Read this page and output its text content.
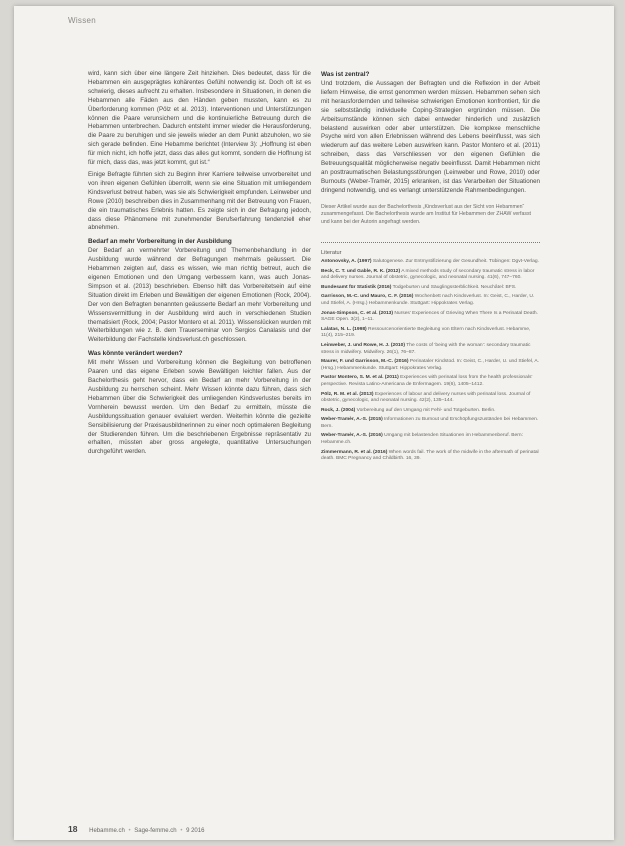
Wissen

wird, kann sich über eine längere Zeit hinziehen. Dies bedeutet, dass für die Hebammen ein ausgeprägtes kohärentes Gefühl notwendig ist. Doch oft ist es schwierig, dieses aufrecht zu erhalten. Insbesondere in Situationen, in denen die Hebammen alle Fäden aus den Händen geben mussten, kann es zu Überforderung kommen (Pölz et al. 2013). Interventionen und Unterstützungen können die Paare verunsichern und die kontinuierliche Betreuung durch die Hebammen unterbrechen. Dadurch entsteht immer wieder die Herausforderung, die Paare zu beruhigen und sie jeweils wieder an dem Punkt abzuholen, wo sie sich gerade befinden. Eine Hebamme berichtet (Interview 3): „Hoffnung ist eben für mich nicht, ich hoffe jetzt, dass das alles gut kommt, sondern die Hoffnung ist für mich, dass das, was jetzt kommt, gut ist.“

Einige Befragte führten sich zu Beginn ihrer Karriere teilweise unvorbereitet und von ihren eigenen Gefühlen überrollt, wenn sie eine Situation mit umliegendem Kindsverlust betreut haben, was sie als Schwierigkeit empfunden. Leinweber und Rowe (2010) beschreiben dies in Zusammenhang mit der Betreuung von Frauen, die ein traumatisches Erlebnis hatten. Es zeigte sich in der Befragung jedoch, dass diese Phänomene mit zunehmender Berufserfahrung tendenziell eher abnehmen.

Bedarf an mehr Vorbereitung in der Ausbildung

Der Bedarf an vermehrter Vorbereitung und Themenbehandlung in der Ausbildung wurde während der Befragungen mehrmals geäussert. Die Hebammen zeigten auf, dass es wissen, wie man richtig betreut, auch die eigenen Emotionen und den Umgang verbessern kann, was auch Jonas-Simpson et al. (2013) beschrieben. Ebenso hilft das Vorbereitetsein auf eine Situation direkt im Erleben und Bewältigen der eigenen Emotionen (Rock, 2004). Der von den Befragten benannten geäusserte Bedarf an mehr Vorbereitung und Wissensvermittlung in der Ausbildung wird auch in verschiedenen Studien thematisiert (Rock, 2004; Pastor Montero et al. 2011). Wissenslücken wurden mit Weiterbildungen wie z. B. dem Trauerseminar von Sergios Canalasis und der Weiterbildung der Fachstelle kindsverlust.ch geschlossen.

Was könnte verändert werden?

Mit mehr Wissen und Vorbereitung können die Begleitung von betroffenen Paaren und das eigene Erleben sowie Bewältigen leichter fallen. Aus der Bachelorthesis geht hervor, dass ein Bedarf an mehr Vorbereitung in der Ausbildung zu herrschen scheint. Mehr Wissen könnte dazu führen, dass sich Hebammen über die Schwierigkeit des umliegenden Kindsverlustes bereits im Vornherein bewusst werden. Um den Bedarf zu ermitteln, müsste die Ausbildungssituation genauer evaluiert werden. Weiterhin könnte die gezielte Sensibilisierung der Praxisausbildnerinnen zu einer noch optimaleren Begleitung der Studierenden führen. Um die beschriebenen Ergebnisse repräsentativ zu erhalten, müssten aber gross angelegte, quantitative Untersuchungen durchgeführt werden.

Was ist zentral?

Und trotzdem, die Aussagen der Befragten und die Reflexion in der Arbeit liefern Hinweise, die ernst genommen werden müssen. Hebammen sehen sich mit herausfordernden und teilweise schwierigen Emotionen konfrontiert, für die sie selbstständig individuelle Coping-Strategien ergründen müssen. Die Arbeitsumstände können sich dabei entweder hinderlich und zusätzlich belastend auswirken oder aber unterstützen. Die komplexe menschliche Psyche wird von allen Erlebnissen während des Lebens beeinflusst, was sich wiederum auf das weitere Leben auswirken kann. Pastor Montero et al. (2011) schreiben, dass das Verschliessen vor den eigenen Gefühlen die Betreuungsqualität möglicherweise negativ beeinflusst. Damit Hebammen nicht an posttraumatischen Belastungsstörungen (Leinweber und Rowe, 2010) oder Burnouts (Weber-Tramèr, 2015) erkranken, ist das Verarbeiten der Situationen dringend notwendig, und es verlangt unterstützende Rahmenbedingungen.

Dieser Artikel wurde aus der Bachelorthesis „Kindsverlust aus der Sicht von Hebammen“ zusammengefasst. Die Bachelorthesis wurde am Institut für Hebammen der ZHAW verfasst und kann bei der Autorin angefragt werden.
Literatur

Antonovsky, A. (1997) Salutogenese. Zur Entmystifizierung der Gesundheit. Tübingen: Dgvt-Verlag.

Beck, C. T. und Gable, R. K. (2012) A mixed methods study of secondary traumatic stress in labor and delivery nurses. Journal of obstetric, gynecologic, and neonatal nursing. 41(6), 747–760.

Bundesamt für Statistik (2016) Todgeburten und Säuglingssterblichkeit. Neuchâtel: BFS.

Garrisson, M.-C. und Mauro, C. F. (2016) Wochenbett nach Kindsverlust. In: Geist, C., Harder, U. und Stiefel, A. (Hrsg.) Hebammenkunde. Stuttgart: Hippokrates Verlag.

Jonas-Simpson, C. et al. (2013) Nurses’ Experiences of Grieving When There Is a Perinatal Death. SAGE Open. 3(2), 1–11.

Lalatas, N. L. (1998) Ressourcenorientierte Begleitung von Eltern nach Kindsverlust. Hebamme, 11(4), 215–219.

Leinweber, J. und Rowe, H. J. (2010) The costs of ‘being with the woman’: secondary traumatic stress in midwifery. Midwifery. 26(1), 76–87.

Maurer, F. und Garrisson, M.-C. (2016) Perinataler Kindstod. In: Geist, C., Harder, U. und Stiefel, A. (Hrsg.) Hebammenkunde. Stuttgart: Hippokrates Verlag.

Pastor Montero, S. M. et al. (2011) Experiences with perinatal loss from the health professionals’ perspective. Revista Latino-Americana de Enfermagem. 19(6), 1405–1412.

Pölz, R. M. et al. (2013) Experiences of labour and delivery nurses with perinatal loss. Journal of obstetric, gynecologic, and neonatal nursing. 42(2), 135–144.

Rock, J. (2004) Vorbereitung auf den Umgang mit Fehl- und Totgeburten. Berlin.

Weber-Tramèr, A.-S. (2015) Informationen zu Burnout und Erschöpfungszuständen bei Hebammen. Bern.

Weber-Tramèr, A.-S. (2016) Umgang mit belastenden Situationen im Hebammenberuf. Bern: Hebamme.ch.

Zimmermann, R. et al. (2016) When words fail. The work of the midwife in the aftermath of perinatal death. BMC Pregnancy and Childbirth. 16, 39.

18 Hebamme.ch • Sage-femme.ch • 9 2016
